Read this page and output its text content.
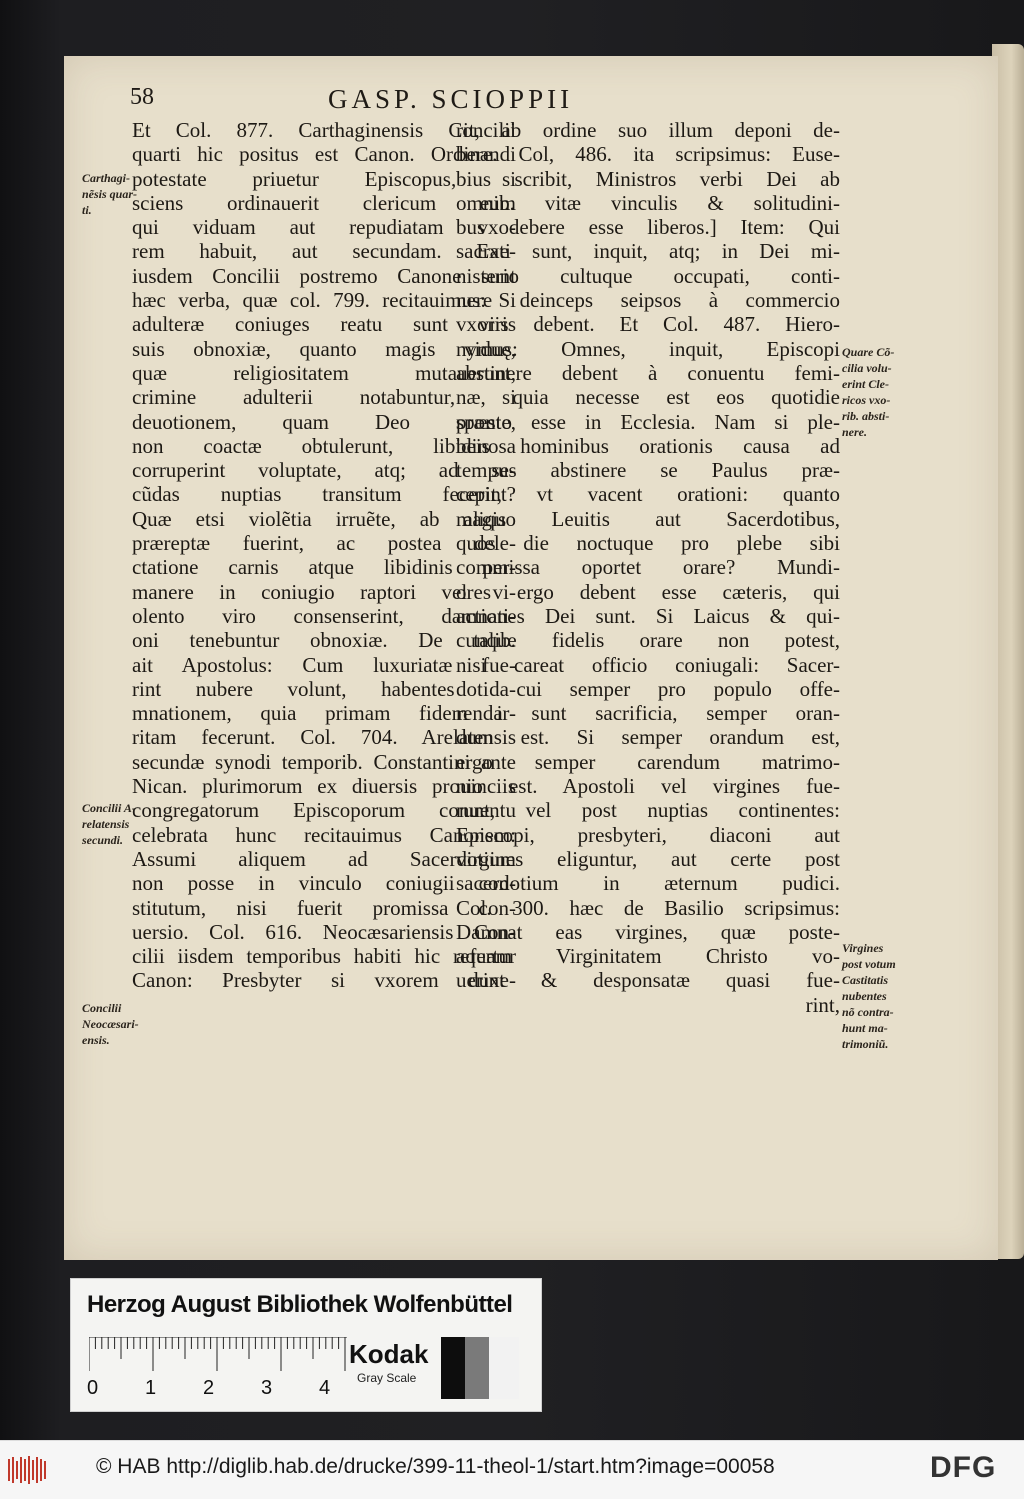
58	GASP. SCIOPPII
Et Col. 877. Carthaginensis Concilii
quarti hic positus est Canon. Ordinandi
potestate priuetur Episcopus, si
sciens ordinauerit clericum eum
qui viduam aut repudiatam vxo-
rem habuit, aut secundam. Exe-
iusdem Concilii postremo Canone sunt
hæc verba, quæ col. 799. recitauimus: Si
adulteræ coniuges reatu sunt viris
suis obnoxiæ, quanto magis viduę,
quæ religiositatem mutauerunt,
crimine adulterii notabuntur, si
deuotionem, quam Deo sponte,
non coactæ obtulerunt, libidinosa
corruperint voluptate, atq; ad se-
cũdas nuptias transitum fecerint?
Quæ etsi violẽtia irruẽte, ab aliquo
præreptæ fuerint, ac postea dele-
ctatione carnis atque libidinis per-
manere in coniugio raptori vel vi-
olento viro consenserint, damnati-
oni tenebuntur obnoxiæ. De talib.
ait Apostolus: Cum luxuriatæ fue-
rint nubere volunt, habentes da-
mnationem, quia primam fidem ir-
ritam fecerunt. Col. 704. Arelatensis
secundæ synodi temporib. Constantini ante
Nican. plurimorum ex diuersis prouinciis
congregatorum Episcoporum conuentu
celebrata hunc recitauimus Canonem:
Assumi aliquem ad Sacerdotium
non posse in vinculo coniugii con-
stitutum, nisi fuerit promissa con-
uersio. Col. 616. Neocæsariensis Con-
cilii iisdem temporibus habiti hic refertur
Canon: Presbyter si vxorem duxe-
rit, ab ordine suo illum deponi de-
bere. Col, 486. ita scripsimus: Euse-
bius scribit, Ministros verbi Dei ab
omnib. vitæ vinculis & solitudini-
bus debere esse liberos.] Item: Qui
sacrati sunt, inquit, atq; in Dei mi-
nisterio cultuque occupati, conti-
nere deinceps seipsos à commercio
vxoris debent. Et Col. 487. Hiero-
nymus: Omnes, inquit, Episcopi
abstinere debent à conuentu femi-
næ, quia necesse est eos quotidie
præsto esse in Ecclesia. Nam si ple-
beis hominibus orationis causa ad
tempus abstinere se Paulus præ-
cepit, vt vacent orationi: quanto
magis Leuitis aut Sacerdotibus,
quos die noctuque pro plebe sibi
commissa oportet orare? Mundi-
ores ergo debent esse cæteris, qui
actiones Dei sunt. Si Laicus & qui-
cunque fidelis orare non potest,
nisi careat officio coniugali: Sacer-
doti cui semper pro populo offe-
renda sunt sacrificia, semper oran-
dum est. Si semper orandum est,
ergo semper carendum matrimo-
nio est. Apostoli vel virgines fue-
runt, vel post nuptias continentes:
Episcopi, presbyteri, diaconi aut
virgines eliguntur, aut certe post
sacerdotium in æternum pudici.
Col. 300. hæc de Basilio scripsimus:
Damnat eas virgines, quæ poste-
aquam Virginitatem Christo vo-
uerint & desponsatæ quasi fue-
rint,
Carthagi-
nẽsis quar-
ti.
Quare Cõ-
cilia volu-
erint Cle-
ricos vxo-
rib. absti-
nere.
Concilii A-
relatensis
secundi.
Virgines
post votum
Castitatis
nubentes
nõ contra-
hunt ma-
trimoniũ.
Concilii
Neocæsari-
ensis.
Herzog August Bibliothek Wolfenbüttel
0 1 2 3 4
Kodak
Gray Scale
© HAB http://diglib.hab.de/drucke/399-11-theol-1/start.htm?image=00058	DFG
